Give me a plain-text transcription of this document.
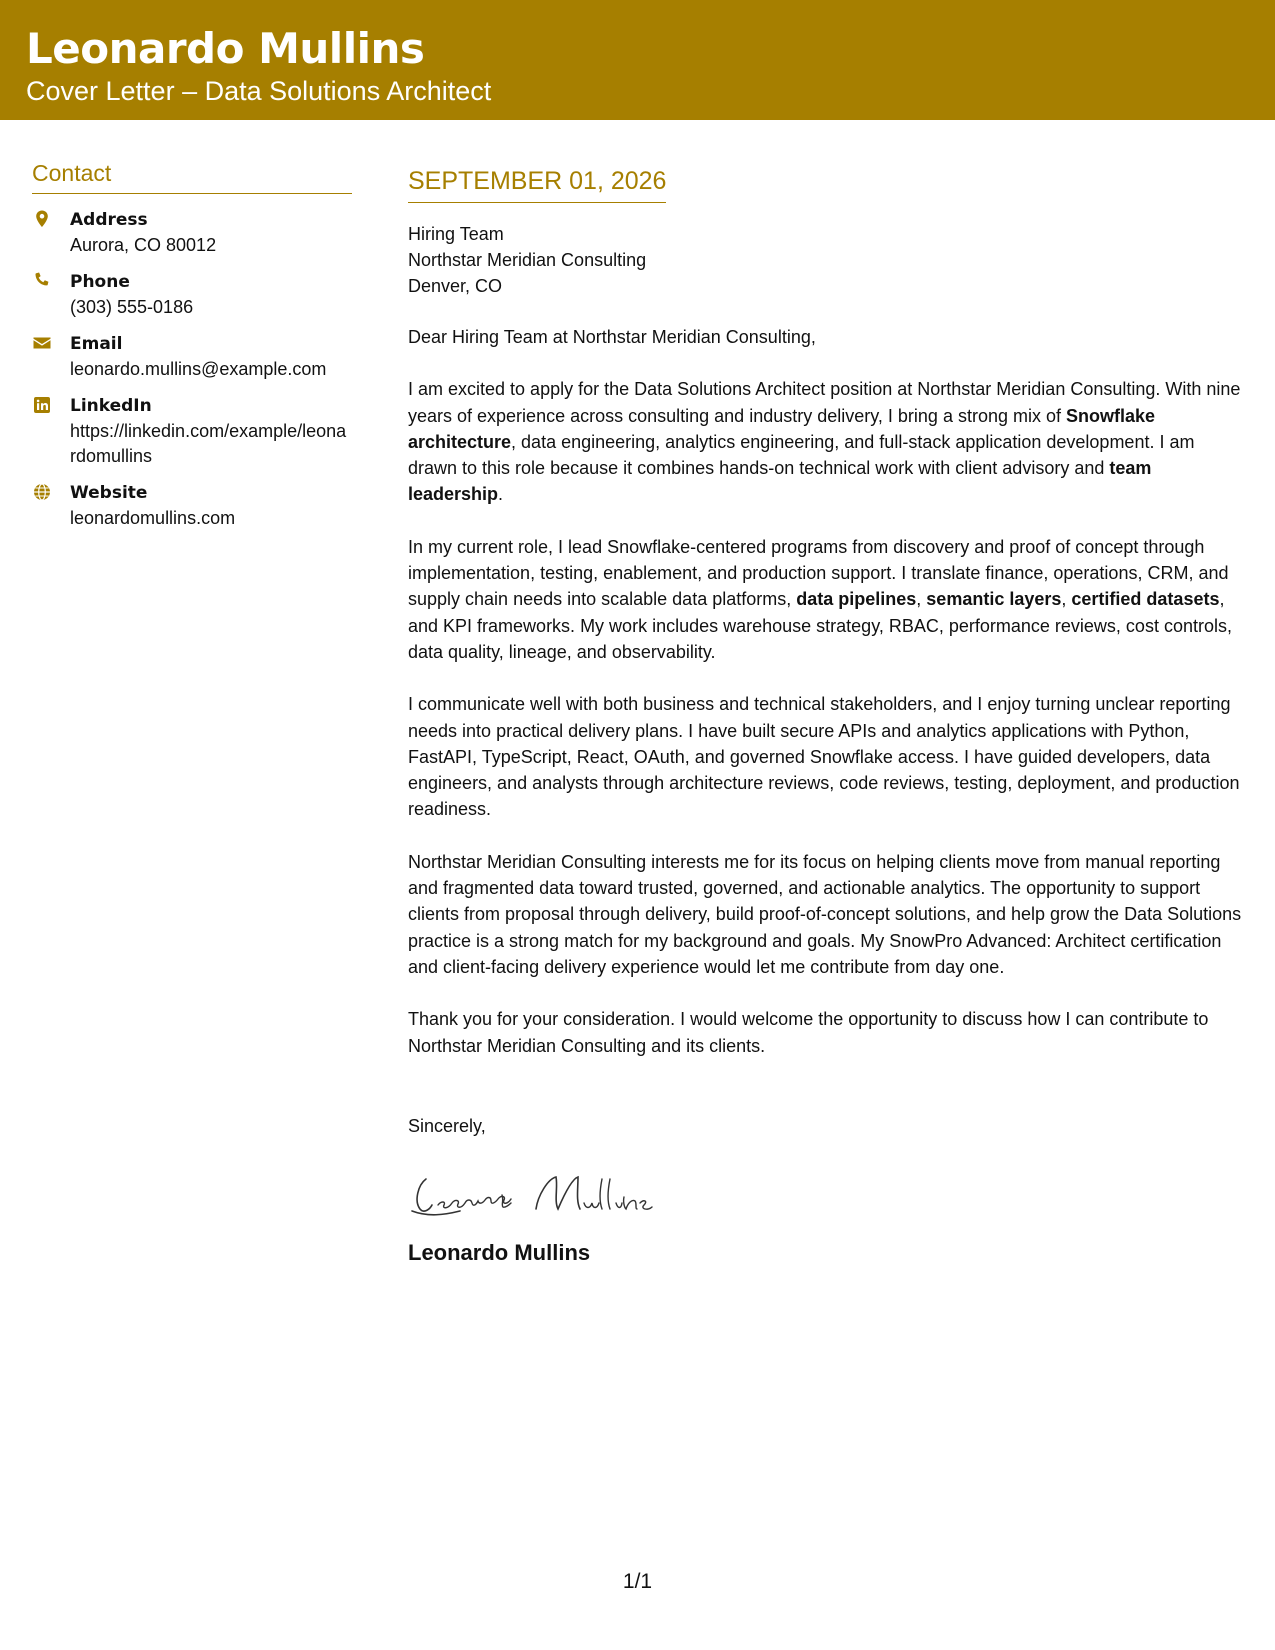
Leonardo Mullins
Cover Letter – Data Solutions Architect
Contact
Address
Aurora, CO 80012
Phone
(303) 555-0186
Email
leonardo.mullins@example.com
LinkedIn
https://linkedin.com/example/leonardomullins
Website
leonardomullins.com
SEPTEMBER 01, 2026
Hiring Team
Northstar Meridian Consulting
Denver, CO

Dear Hiring Team at Northstar Meridian Consulting,

I am excited to apply for the Data Solutions Architect position at Northstar Meridian Consulting. With nine years of experience across consulting and industry delivery, I bring a strong mix of Snowflake architecture, data engineering, analytics engineering, and full-stack application development. I am drawn to this role because it combines hands-on technical work with client advisory and team leadership.

In my current role, I lead Snowflake-centered programs from discovery and proof of concept through implementation, testing, enablement, and production support. I translate finance, operations, CRM, and supply chain needs into scalable data platforms, data pipelines, semantic layers, certified datasets, and KPI frameworks. My work includes warehouse strategy, RBAC, performance reviews, cost controls, data quality, lineage, and observability.

I communicate well with both business and technical stakeholders, and I enjoy turning unclear reporting needs into practical delivery plans. I have built secure APIs and analytics applications with Python, FastAPI, TypeScript, React, OAuth, and governed Snowflake access. I have guided developers, data engineers, and analysts through architecture reviews, code reviews, testing, deployment, and production readiness.

Northstar Meridian Consulting interests me for its focus on helping clients move from manual reporting and fragmented data toward trusted, governed, and actionable analytics. The opportunity to support clients from proposal through delivery, build proof-of-concept solutions, and help grow the Data Solutions practice is a strong match for my background and goals. My SnowPro Advanced: Architect certification and client-facing delivery experience would let me contribute from day one.

Thank you for your consideration. I would welcome the opportunity to discuss how I can contribute to Northstar Meridian Consulting and its clients.

Sincerely,
Leonardo Mullins
1/1
